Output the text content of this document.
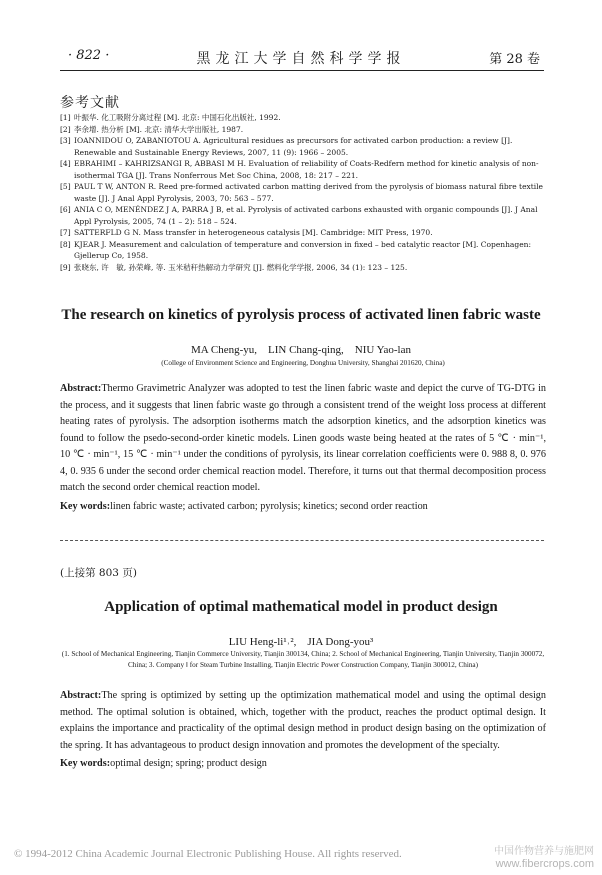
· 822 ·	黑龙江大学自然科学学报	第 28 卷
参考文献
[1] 叶振华. 化工吸附分离过程 [M]. 北京: 中国石化出版社, 1992.
[2] 李余增. 热分析 [M]. 北京: 清华大学出版社, 1987.
[3] IOANNIDOU O, ZABANIOTOU A. Agricultural residues as precursors for activated carbon production: a review [J]. Renewable and Sustainable Energy Reviews, 2007, 11 (9): 1966 – 2005.
[4] EBRAHIMI – KAHRIZSANGI R, ABBASI M H. Evaluation of reliability of Coats-Redfern method for kinetic analysis of non-isothermal TGA [J]. Trans Nonferrous Met Soc China, 2008, 18: 217 – 221.
[5] PAUL T W, ANTON R. Reed pre-formed activated carbon matting derived from the pyrolysis of biomass natural fibre textile waste [J]. J Anal Appl Pyrolysis, 2003, 70: 563 – 577.
[6] ANIA C O, MENÉNDEZ J A, PARRA J B, et al. Pyrolysis of activated carbons exhausted with organic compounds [J]. J Anal Appl Pyrolysis, 2005, 74 (1 – 2): 518 – 524.
[7] SATTERFLD G N. Mass transfer in heterogeneous catalysis [M]. Cambridge: MIT Press, 1970.
[8] KJEAR J. Measurement and calculation of temperature and conversion in fixed – bed catalytic reactor [M]. Copenhagen: Gjellerup Co, 1958.
[9] 张晓东, 许　敏, 孙荣峰, 等. 玉米秸秆热解动力学研究 [J]. 燃料化学学报, 2006, 34 (1): 123 – 125.
The research on kinetics of pyrolysis process of activated linen fabric waste
MA Cheng-yu,　LIN Chang-qing,　NIU Yao-lan
(College of Environment Science and Engineering, Donghua University, Shanghai 201620, China)
Abstract:Thermo Gravimetric Analyzer was adopted to test the linen fabric waste and depict the curve of TG-DTG in the process, and it suggests that linen fabric waste go through a consistent trend of the weight loss process at different heating rates of pyrolysis. The adsorption isotherms match the adsorption kinetics, and the adsorption kinetics was found to follow the psedo-second-order kinetic models. Linen goods waste being heated at the rates of 5 ℃ · min⁻¹, 10 ℃ · min⁻¹, 15 ℃ · min⁻¹ under the conditions of pyrolysis, its linear correlation coefficients were 0. 988 8, 0. 976 4, 0. 935 6 under the second order chemical reaction model. Therefore, it turns out that thermal decomposition process match the second order chemical reaction model.
Key words:linen fabric waste; activated carbon; pyrolysis; kinetics; second order reaction
(上接第 803 页)
Application of optimal mathematical model in product design
LIU Heng-li¹˒²,　JIA Dong-you³
(1. School of Mechanical Engineering, Tianjin Commerce University, Tianjin 300134, China; 2. School of Mechanical Engineering, Tianjin University, Tianjin 300072, China; 3. Company Ⅰ for Steam Turbine Installing, Tianjin Electric Power Construction Company, Tianjin 300012, China)
Abstract:The spring is optimized by setting up the optimization mathematical model and using the optimal design method. The optimal solution is obtained, which, together with the product, reaches the product optimal design. It explains the importance and practicality of the optimal design method in product design basing on the optimization of the spring. It has advantageous to product design innovation and promotes the development of the specialty.
Key words:optimal design; spring; product design
© 1994-2012 China Academic Journal Electronic Publishing House. All rights reserved.	中国作物营养与施肥网
www.fibercrops.com
